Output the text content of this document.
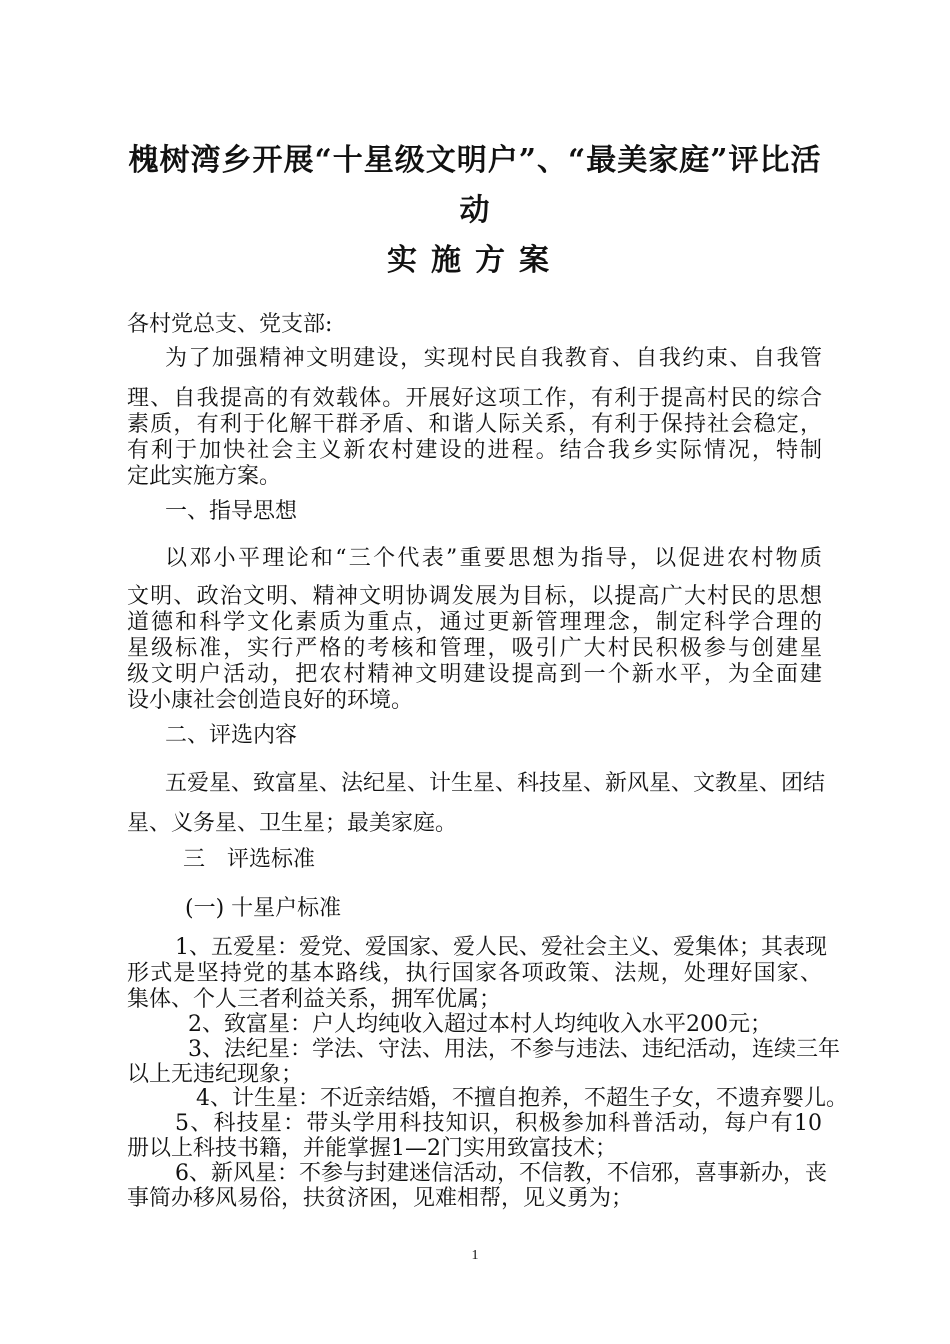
槐树湾乡开展“十星级文明户”、“最美家庭”评比活
动
实施方案
各村党总支、党支部:
为了加强精神文明建设，实现村民自我教育、自我约束、自我管
理、自我提高的有效载体。开展好这项工作，有利于提高村民的综合
素质，有利于化解干群矛盾、和谐人际关系，有利于保持社会稳定，
有利于加快社会主义新农村建设的进程。结合我乡实际情况，特制
定此实施方案。
一、指导思想
以邓小平理论和“三个代表”重要思想为指导，以促进农村物质
文明、政治文明、精神文明协调发展为目标，以提高广大村民的思想
道德和科学文化素质为重点，通过更新管理理念，制定科学合理的
星级标准，实行严格的考核和管理，吸引广大村民积极参与创建星
级文明户活动，把农村精神文明建设提高到一个新水平，为全面建
设小康社会创造良好的环境。
二、评选内容
五爱星、致富星、法纪星、计生星、科技星、新风星、文教星、团结
星、义务星、卫生星；最美家庭。
三　评选标准
(一) 十星户标准
1、五爱星：爱党、爱国家、爱人民、爱社会主义、爱集体；其表现
形式是坚持党的基本路线，执行国家各项政策、法规，处理好国家、
集体、个人三者利益关系，拥军优属；
2、致富星：户人均纯收入超过本村人均纯收入水平200元；
3、法纪星：学法、守法、用法，不参与违法、违纪活动，连续三年
以上无违纪现象；
4、计生星：不近亲结婚，不擅自抱养，不超生子女，不遗弃婴儿。
5、科技星：带头学用科技知识，积极参加科普活动，每户有10
册以上科技书籍，并能掌握1—2门实用致富技术；
6、新风星：不参与封建迷信活动，不信教，不信邪，喜事新办，丧
事简办移风易俗，扶贫济困，见难相帮，见义勇为；
1
